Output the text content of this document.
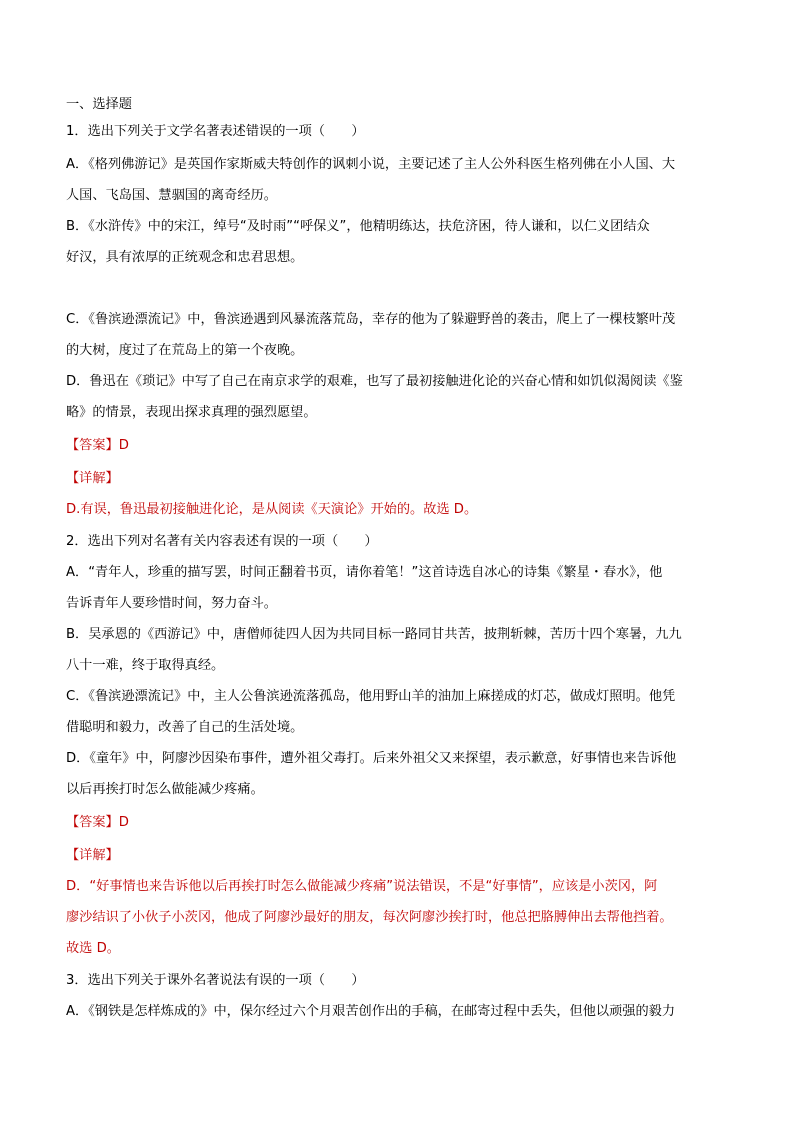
一、选择题
1．选出下列关于文学名著表述错误的一项（　　）
A．《格列佛游记》是英国作家斯威夫特创作的讽刺小说，主要记述了主人公外科医生格列佛在小人国、大
人国、飞岛国、慧骃国的离奇经历。
B．《水浒传》中的宋江，绰号“及时雨”“呼保义”，他精明练达，扶危济困，待人谦和，以仁义团结众
好汉，具有浓厚的正统观念和忠君思想。
C．《鲁滨逊漂流记》中，鲁滨逊遇到风暴流落荒岛，幸存的他为了躲避野兽的袭击，爬上了一棵枝繁叶茂
的大树，度过了在荒岛上的第一个夜晚。
D．鲁迅在《琐记》中写了自己在南京求学的艰难，也写了最初接触进化论的兴奋心情和如饥似渴阅读《鉴
略》的情景，表现出探求真理的强烈愿望。
【答案】D
【详解】
D.有误，鲁迅最初接触进化论，是从阅读《天演论》开始的。故选 D。
2．选出下列对名著有关内容表述有误的一项（　　）
A．“青年人，珍重的描写罢，时间正翻着书页，请你着笔！”这首诗选自冰心的诗集《繁星・春水》，他
告诉青年人要珍惜时间，努力奋斗。
B．吴承恩的《西游记》中，唐僧师徒四人因为共同目标一路同甘共苦，披荆斩棘，苦历十四个寒暑，九九
八十一难，终于取得真经。
C．《鲁滨逊漂流记》中，主人公鲁滨逊流落孤岛，他用野山羊的油加上麻搓成的灯芯，做成灯照明。他凭
借聪明和毅力，改善了自己的生活处境。
D．《童年》中，阿廖沙因染布事件，遭外祖父毒打。后来外祖父又来探望，表示歉意，好事情也来告诉他
以后再挨打时怎么做能减少疼痛。
【答案】D
【详解】
D．“好事情也来告诉他以后再挨打时怎么做能减少疼痛”说法错误，不是“好事情”，应该是小茨冈，阿
廖沙结识了小伙子小茨冈，他成了阿廖沙最好的朋友，每次阿廖沙挨打时，他总把胳膊伸出去帮他挡着。
故选 D。
3．选出下列关于课外名著说法有误的一项（　　）
A．《钢铁是怎样炼成的》中，保尔经过六个月艰苦创作出的手稿，在邮寄过程中丢失，但他以顽强的毅力
